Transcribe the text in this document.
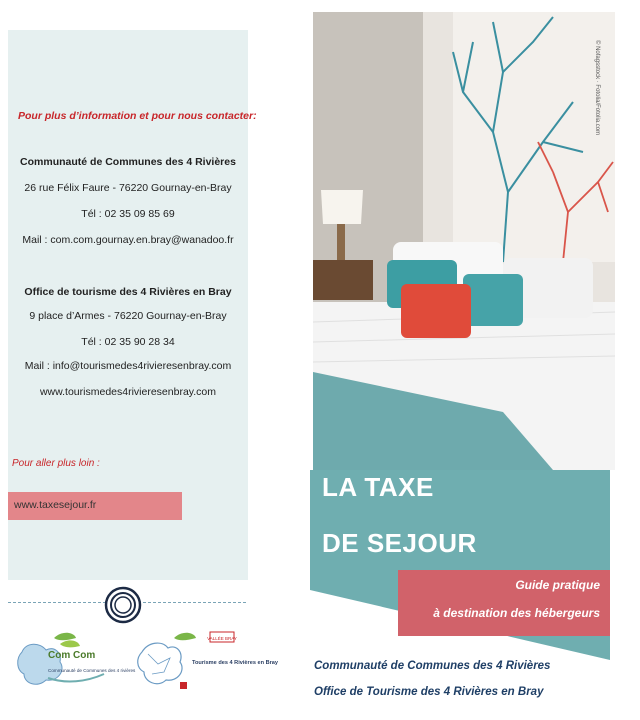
Pour plus d’information et pour nous contacter:
Communauté de Communes des 4 Rivières
26 rue Félix Faure - 76220 Gournay-en-Bray
Tél : 02 35 09 85 69
Mail : com.com.gournay.en.bray@wanadoo.fr
Office de tourisme des 4 Rivières en Bray
9 place d’Armes - 76220 Gournay-en-Bray
Tél : 02 35 90 28 34
Mail : info@tourismedes4rivieresenbray.com
www.tourismedes4rivieresenbray.com
Pour aller plus loin :
www.taxesejour.fr
Com Com
Communauté de Communes des 4 rivières
VALLÉE BRAY
Tourisme des 4 Rivières en Bray
© Nofagsstock · Fotolia/Fotolia.com
LA TAXE
DE SEJOUR
Guide pratique
à destination des hébergeurs
Communauté de Communes des 4 Rivières
Office de Tourisme des 4 Rivières en Bray
